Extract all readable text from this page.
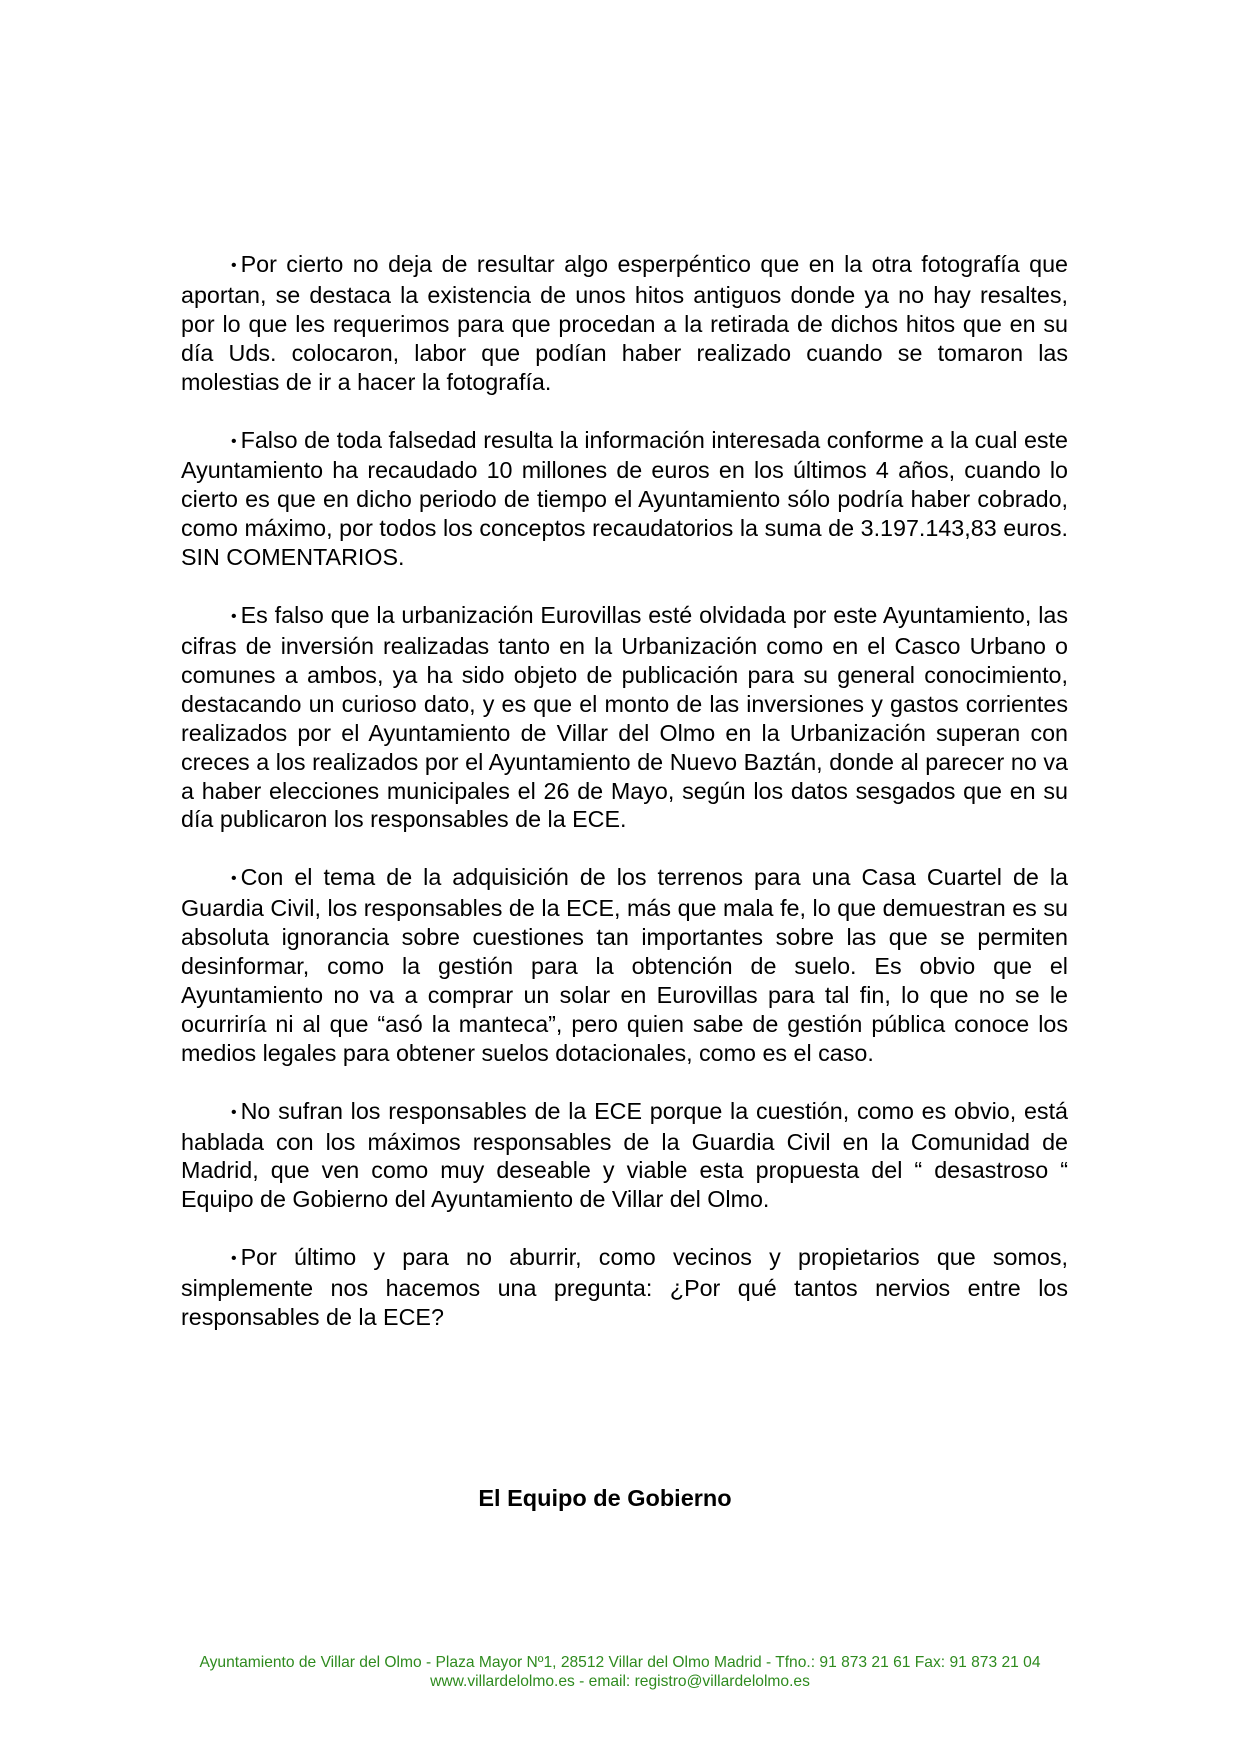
• Por cierto no deja de resultar algo esperpéntico que en la otra fotografía que aportan, se destaca la existencia de unos hitos antiguos donde ya no hay resaltes, por lo que les requerimos para que procedan a la retirada de dichos hitos que en su día Uds. colocaron, labor que podían haber realizado cuando se tomaron las molestias de ir a hacer la fotografía.

• Falso de toda falsedad resulta la información interesada conforme a la cual este Ayuntamiento ha recaudado 10 millones de euros en los últimos 4 años, cuando lo cierto es que en dicho periodo de tiempo el Ayuntamiento sólo podría haber cobrado, como máximo, por todos los conceptos recaudatorios la suma de 3.197.143,83 euros. SIN COMENTARIOS.

• Es falso que la urbanización Eurovillas esté olvidada por este Ayuntamiento, las cifras de inversión realizadas tanto en la Urbanización como en el Casco Urbano o comunes a ambos, ya ha sido objeto de publicación para su general conocimiento, destacando un curioso dato, y es que el monto de las inversiones y gastos corrientes realizados por el Ayuntamiento de Villar del Olmo en la Urbanización superan con creces a los realizados por el Ayuntamiento de Nuevo Baztán, donde al parecer no va a haber elecciones municipales el 26 de Mayo, según los datos sesgados que en su día publicaron los responsables de la ECE.

• Con el tema de la adquisición de los terrenos para una Casa Cuartel de la Guardia Civil, los responsables de la ECE, más que mala fe, lo que demuestran es su absoluta ignorancia sobre cuestiones tan importantes sobre las que se permiten desinformar, como la gestión para la obtención de suelo. Es obvio que el Ayuntamiento no va a comprar un solar en Eurovillas para tal fin, lo que no se le ocurriría ni al que “asó la manteca”, pero quien sabe de gestión pública conoce los medios legales para obtener suelos dotacionales, como es el caso.

• No sufran los responsables de la ECE porque la cuestión, como es obvio, está hablada con los máximos responsables de la Guardia Civil en la Comunidad de Madrid, que ven como muy deseable y viable esta propuesta del “ desastroso “ Equipo de Gobierno del Ayuntamiento de Villar del Olmo.

• Por último y para no aburrir, como vecinos y propietarios que somos, simplemente nos hacemos una pregunta: ¿Por qué tantos nervios entre los responsables de la ECE?

El Equipo de Gobierno
Ayuntamiento de Villar del Olmo - Plaza Mayor Nº1, 28512 Villar del Olmo Madrid - Tfno.: 91 873 21 61 Fax: 91 873 21 04
www.villardelolmo.es - email: registro@villardelolmo.es
